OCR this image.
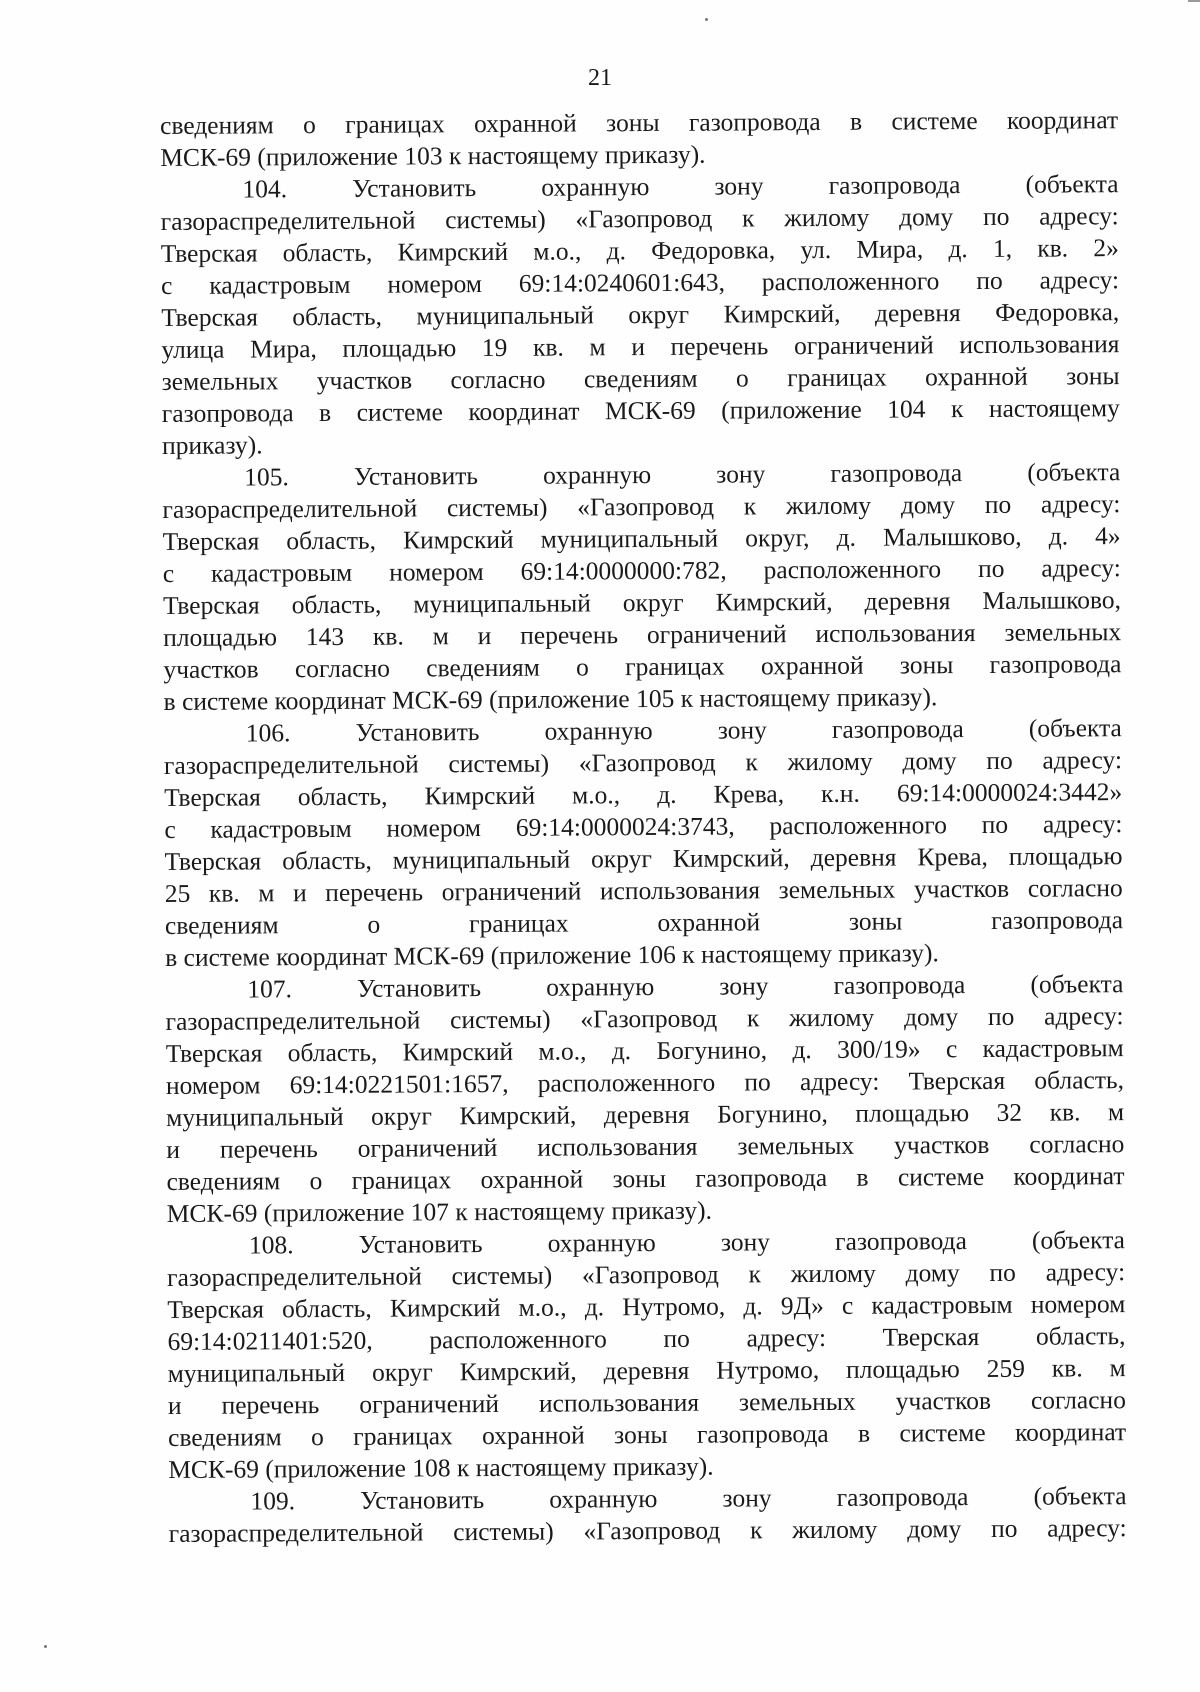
21
сведениям о границах охранной зоны газопровода в системе координат
МСК-69 (приложение 103 к настоящему приказу).
104. Установить охранную зону газопровода (объекта
газораспределительной системы) «Газопровод к жилому дому по адресу:
Тверская область, Кимрский м.о., д. Федоровка, ул. Мира, д. 1, кв. 2»
с кадастровым номером 69:14:0240601:643, расположенного по адресу:
Тверская область, муниципальный округ Кимрский, деревня Федоровка,
улица Мира, площадью 19 кв. м и перечень ограничений использования
земельных участков согласно сведениям о границах охранной зоны
газопровода в системе координат МСК-69 (приложение 104 к настоящему
приказу).
105. Установить охранную зону газопровода (объекта
газораспределительной системы) «Газопровод к жилому дому по адресу:
Тверская область, Кимрский муниципальный округ, д. Малышково, д. 4»
с кадастровым номером 69:14:0000000:782, расположенного по адресу:
Тверская область, муниципальный округ Кимрский, деревня Малышково,
площадью 143 кв. м и перечень ограничений использования земельных
участков согласно сведениям о границах охранной зоны газопровода
в системе координат МСК-69 (приложение 105 к настоящему приказу).
106. Установить охранную зону газопровода (объекта
газораспределительной системы) «Газопровод к жилому дому по адресу:
Тверская область, Кимрский м.о., д. Крева, к.н. 69:14:0000024:3442»
с кадастровым номером 69:14:0000024:3743, расположенного по адресу:
Тверская область, муниципальный округ Кимрский, деревня Крева, площадью
25 кв. м и перечень ограничений использования земельных участков согласно
сведениям о границах охранной зоны газопровода
в системе координат МСК-69 (приложение 106 к настоящему приказу).
107. Установить охранную зону газопровода (объекта
газораспределительной системы) «Газопровод к жилому дому по адресу:
Тверская область, Кимрский м.о., д. Богунино, д. 300/19» с кадастровым
номером 69:14:0221501:1657, расположенного по адресу: Тверская область,
муниципальный округ Кимрский, деревня Богунино, площадью 32 кв. м
и перечень ограничений использования земельных участков согласно
сведениям о границах охранной зоны газопровода в системе координат
МСК-69 (приложение 107 к настоящему приказу).
108. Установить охранную зону газопровода (объекта
газораспределительной системы) «Газопровод к жилому дому по адресу:
Тверская область, Кимрский м.о., д. Нутромо, д. 9Д» с кадастровым номером
69:14:0211401:520, расположенного по адресу: Тверская область,
муниципальный округ Кимрский, деревня Нутромо, площадью 259 кв. м
и перечень ограничений использования земельных участков согласно
сведениям о границах охранной зоны газопровода в системе координат
МСК-69 (приложение 108 к настоящему приказу).
109. Установить охранную зону газопровода (объекта
газораспределительной системы) «Газопровод к жилому дому по адресу:
